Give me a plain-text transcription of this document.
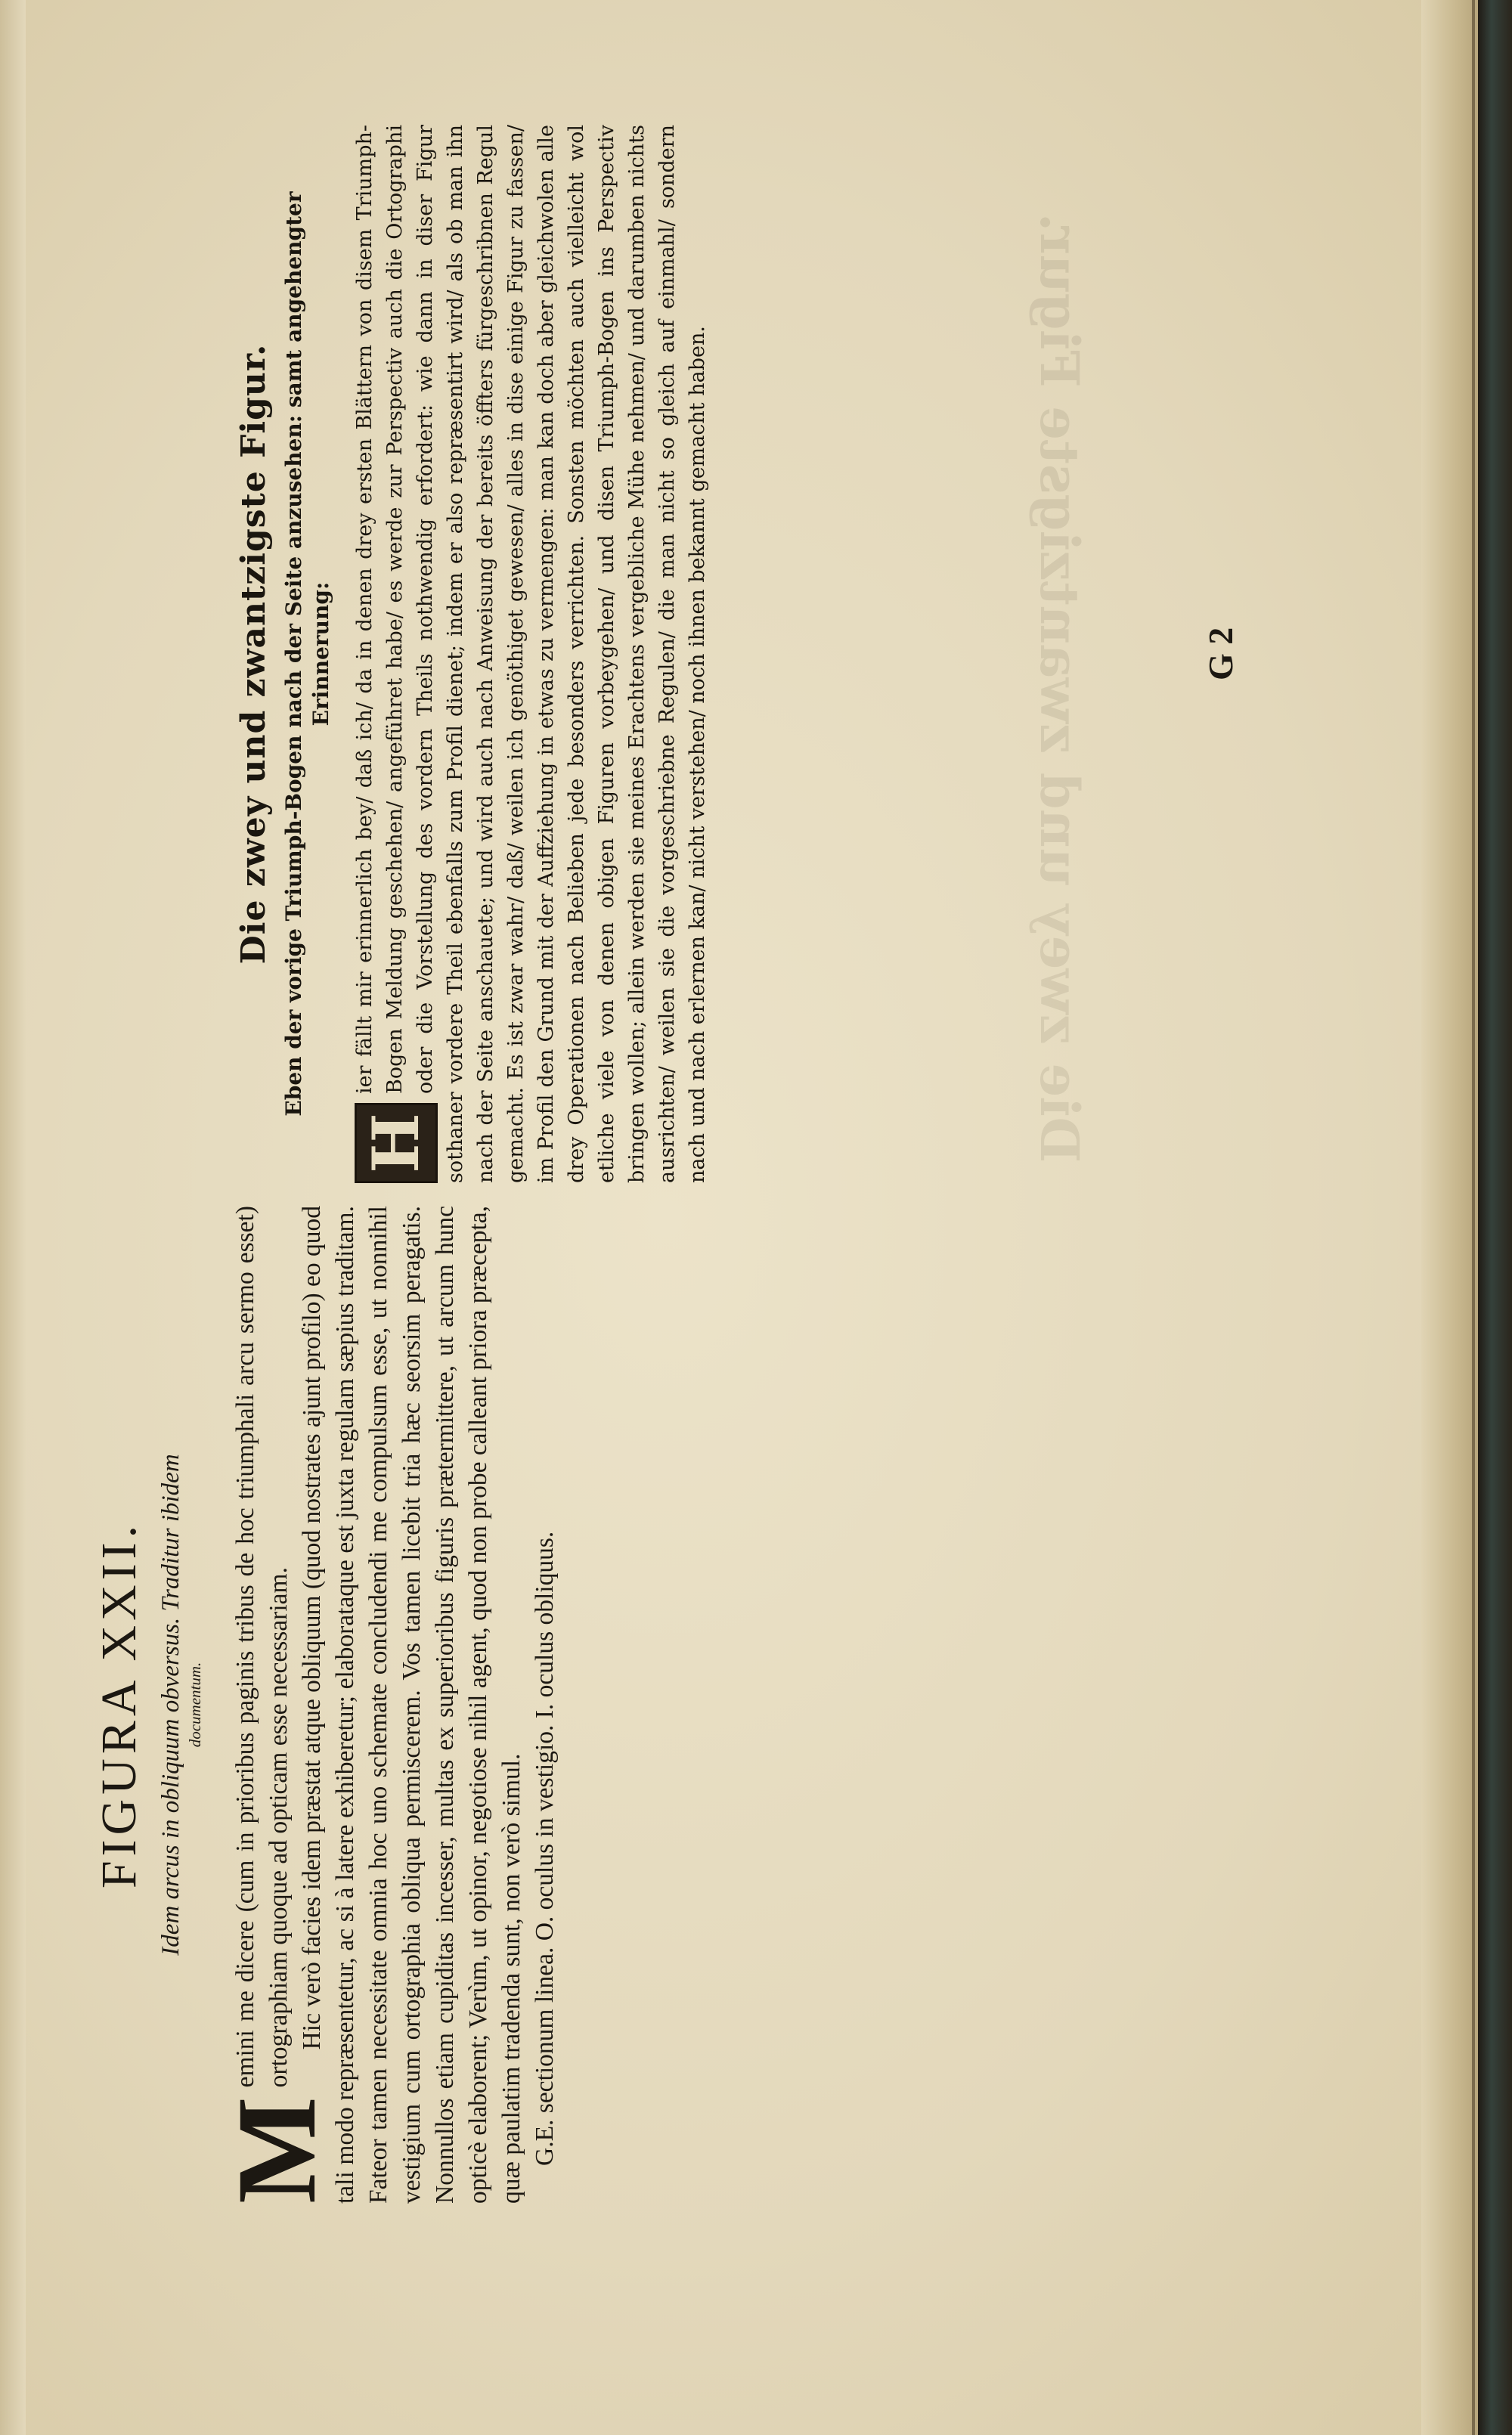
Die zwey und zwantzigste Figur.
FIGURA XXII. Idem arcus in obliquum obversus. Traditur ibidem documentum.

M
emini me dicere (cum in prioribus paginis tribus de hoc triumphali arcu sermo esset) ortographiam quoque ad opticam esse necessariam. Hic verò facies idem præstat atque obliquum (quod nostrates ajunt profilo) eo quod tali modo repræsentetur, ac si à latere exhiberetur; elaborataque est juxta regulam sæpius traditam. Fateor tamen necessitate omnia hoc uno schemate concludendi me compulsum esse, ut nonnihil vestigium cum ortographia obliqua permiscerem. Vos tamen licebit tria hæc seorsim peragatis. Nonnullos etiam cupiditas incesser, multas ex superioribus figuris prætermittere, ut arcum hunc opticè elaborent; Verùm, ut opinor, negotiose nihil agent, quod non probe calleant priora præcepta, quæ paulatim tradenda sunt, non verò simul. G.E. sectionum linea. O. oculus in vestigio. I. oculus obliquus.

Die zwey und zwantzigste Figur. Eben der vorige Triumph-Bogen nach der Seite anzusehen: samt angehengter Erinnerung:

H
ier fällt mir erinnerlich bey/ daß ich/ da in denen drey ersten Blättern von disem Triumph-Bogen Meldung geschehen/ angeführet habe/ es werde zur Perspectiv auch die Ortographi oder die Vorstellung des vordern Theils nothwendig erfordert: wie dann in diser Figur sothaner vordere Theil ebenfalls zum Profil dienet; indem er also repræsentirt wird/ als ob man ihn nach der Seite anschauete; und wird auch nach Anweisung der bereits öffters fürgeschribnen Regul gemacht. Es ist zwar wahr/ daß/ weilen ich genöthiget gewesen/ alles in dise einige Figur zu fassen/ im Profil den Grund mit der Auffziehung in etwas zu vermengen: man kan doch aber gleichwolen alle drey Operationen nach Belieben jede besonders verrichten. Sonsten möchten auch vielleicht wol etliche viele von denen obigen Figuren vorbeygehen/ und disen Triumph-Bogen ins Perspectiv bringen wollen; allein werden sie meines Erachtens vergebliche Mühe nehmen/ und darumben nichts ausrichten/ weilen sie die vorgeschriebne Regulen/ die man nicht so gleich auf einmahl/ sondern nach und nach erlernen kan/ nicht verstehen/ noch ihnen bekannt gemacht haben.	G 2
